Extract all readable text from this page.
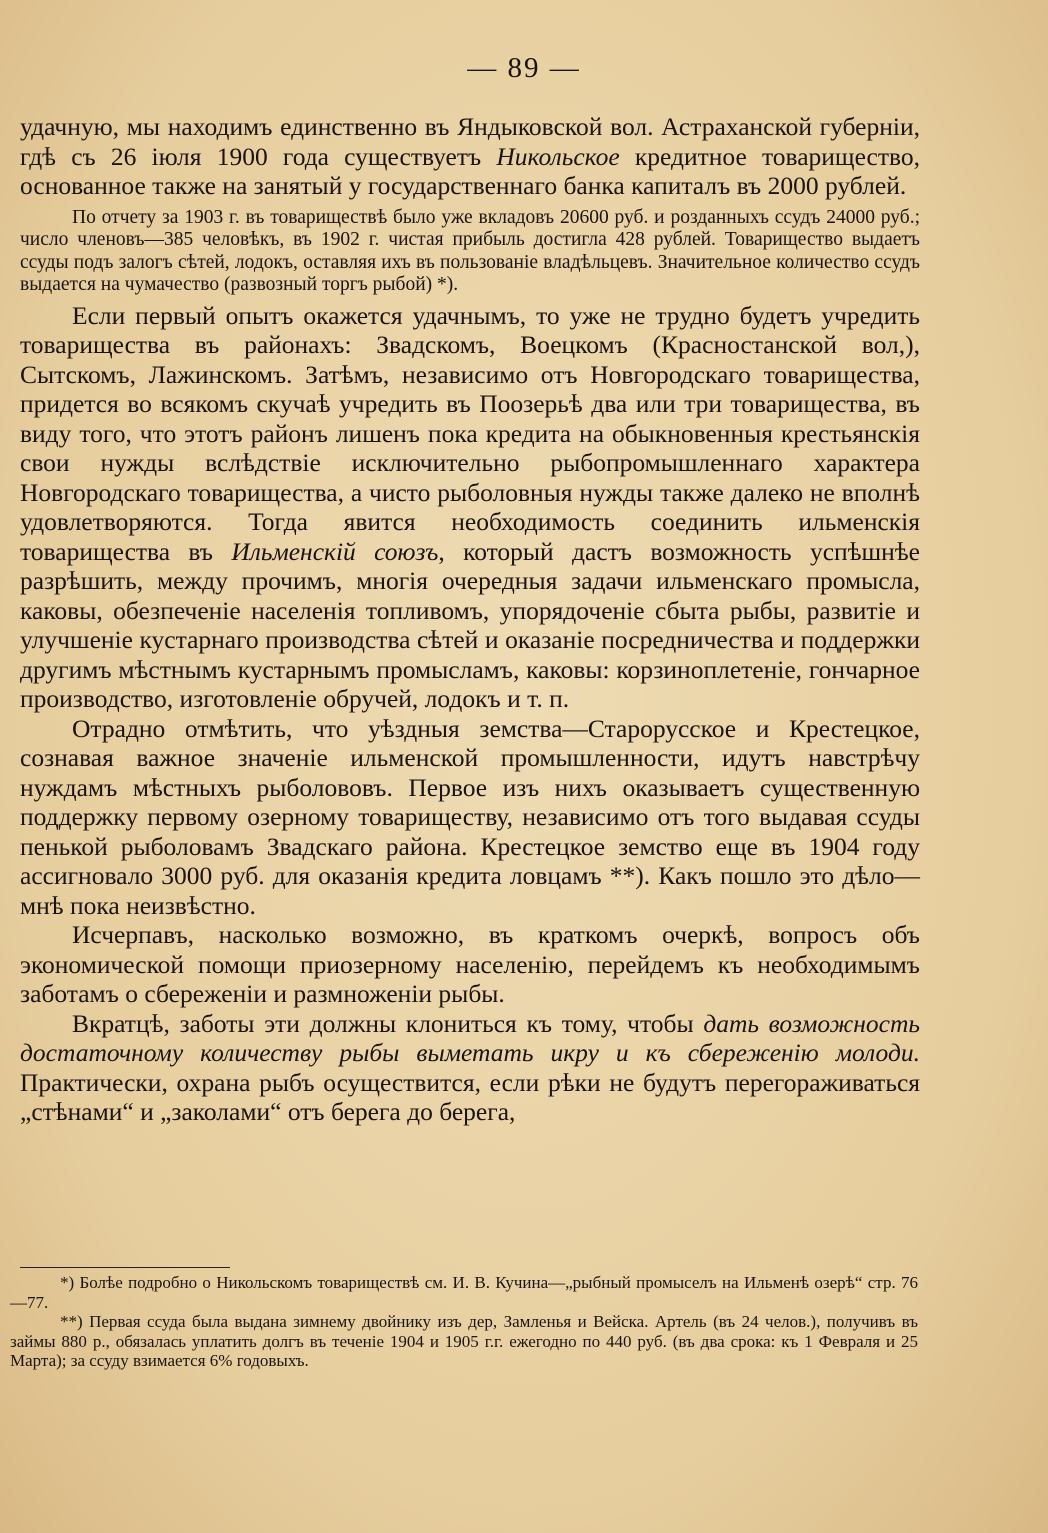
— 89 —

удачную, мы находимъ единственно въ Яндыковской вол. Астраханской губерніи, гдѣ съ 26 іюля 1900 года существуетъ Никольское кредитное товарищество, основанное также на занятый у государственнаго банка капиталъ въ 2000 рублей.

По отчету за 1903 г. въ товариществѣ было уже вкладовъ 20600 руб. и розданныхъ ссудъ 24000 руб.; число членовъ—385 человѣкъ, въ 1902 г. чистая прибыль достигла 428 рублей. Товарищество выдаетъ ссуды подъ залогъ сѣтей, лодокъ, оставляя ихъ въ пользованіе владѣльцевъ. Значительное количество ссудъ выдается на чумачество (развозный торгъ рыбой) *).

Если первый опытъ окажется удачнымъ, то уже не трудно будетъ учредить товарищества въ районахъ: Звадскомъ, Воецкомъ (Красностанской вол,), Сытскомъ, Лажинскомъ. Затѣмъ, независимо отъ Новгородскаго товарищества, придется во всякомъ скучаѣ учредить въ Поозерьѣ два или три товарищества, въ виду того, что этотъ районъ лишенъ пока кредита на обыкновенныя крестьянскія свои нужды вслѣдствіе исключительно рыбопромышленнаго характера Новгородскаго товарищества, а чисто рыболовныя нужды также далеко не вполнѣ удовлетворяются. Тогда явится необходимость соединить ильменскія товарищества въ Ильменскій союзъ, который дастъ возможность успѣшнѣе разрѣшить, между прочимъ, многія очередныя задачи ильменскаго промысла, каковы, обезпеченіе населенія топливомъ, упорядоченіе сбыта рыбы, развитіе и улучшеніе кустарнаго производства сѣтей и оказаніе посредничества и поддержки другимъ мѣстнымъ кустарнымъ промысламъ, каковы: корзиноплетеніе, гончарное производство, изготовленіе обручей, лодокъ и т. п.

Отрадно отмѣтить, что уѣздныя земства—Старорусское и Крестецкое, сознавая важное значеніе ильменской промышленности, идутъ навстрѣчу нуждамъ мѣстныхъ рыболововъ. Первое изъ нихъ оказываетъ существенную поддержку первому озерному товариществу, независимо отъ того выдавая ссуды пенькой рыболовамъ Звадскаго района. Крестецкое земство еще въ 1904 году ассигновало 3000 руб. для оказанія кредита ловцамъ **). Какъ пошло это дѣло—мнѣ пока неизвѣстно.

Исчерпавъ, насколько возможно, въ краткомъ очеркѣ, вопросъ объ экономической помощи приозерному населенію, перейдемъ къ необходимымъ заботамъ о сбереженіи и размноженіи рыбы.

Вкратцѣ, заботы эти должны клониться къ тому, чтобы дать возможность достаточному количеству рыбы выметать икру и къ сбереженію молоди. Практически, охрана рыбъ осуществится, если рѣки не будутъ перегораживаться „стѣнами“ и „заколами“ отъ берега до берега,

*) Болѣе подробно о Никольскомъ товариществѣ см. И. В. Кучина—„рыбный промыселъ на Ильменѣ озерѣ“ стр. 76—77.

**) Первая ссуда была выдана зимнему двойнику изъ дер, Замленья и Вейска. Артель (въ 24 челов.), получивъ въ займы 880 р., обязалась уплатить долгъ въ теченіе 1904 и 1905 г.г. ежегодно по 440 руб. (въ два срока: къ 1 Февраля и 25 Марта); за ссуду взимается 6% годовыхъ.
